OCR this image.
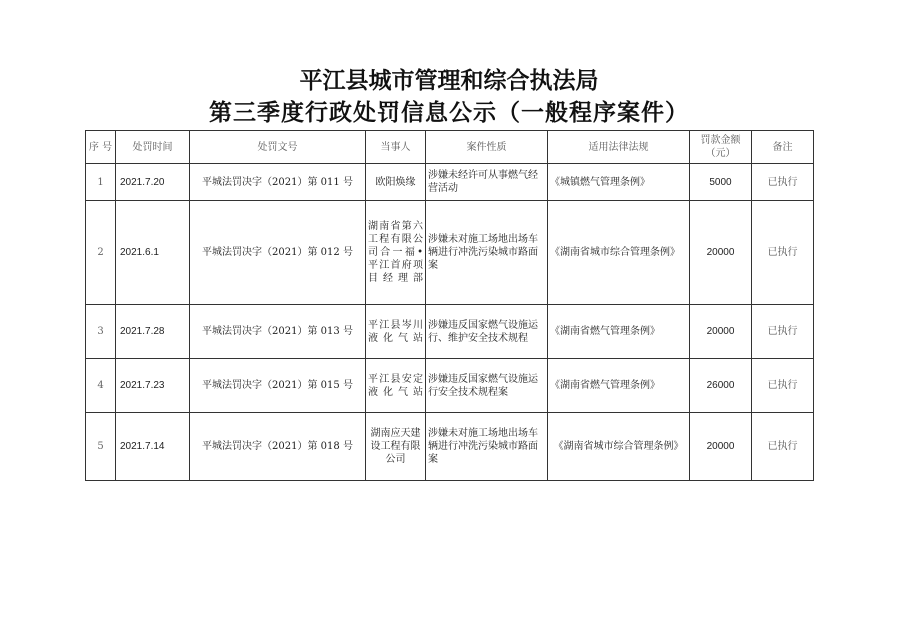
平江县城市管理和综合执法局
第三季度行政处罚信息公示（一般程序案件）
序 号	处罚时间	处罚文号	当事人	案件性质	适用法律法规	罚款金额（元）	备注
1	2021.7.20	平城法罚决字（2021）第 011 号	欧阳焕缘	涉嫌未经许可从事燃气经营活动	《城镇燃气管理条例》	5000	已执行
2	2021.6.1	平城法罚决字（2021）第 012 号	湖南省第六工程有限公司合一福•平江首府项目经理部	涉嫌未对施工场地出场车辆进行冲洗污染城市路面案	《湖南省城市综合管理条例》	20000	已执行
3	2021.7.28	平城法罚决字（2021）第 013 号	平江县岑川液化气站	涉嫌违反国家燃气设施运行、维护安全技术规程	《湖南省燃气管理条例》	20000	已执行
4	2021.7.23	平城法罚决字（2021）第 015 号	平江县安定液化气站	涉嫌违反国家燃气设施运行安全技术规程案	《湖南省燃气管理条例》	26000	已执行
5	2021.7.14	平城法罚决字（2021）第 018 号	湖南应天建设工程有限公司	涉嫌未对施工场地出场车辆进行冲洗污染城市路面案	《湖南省城市综合管理条例》	20000	已执行
